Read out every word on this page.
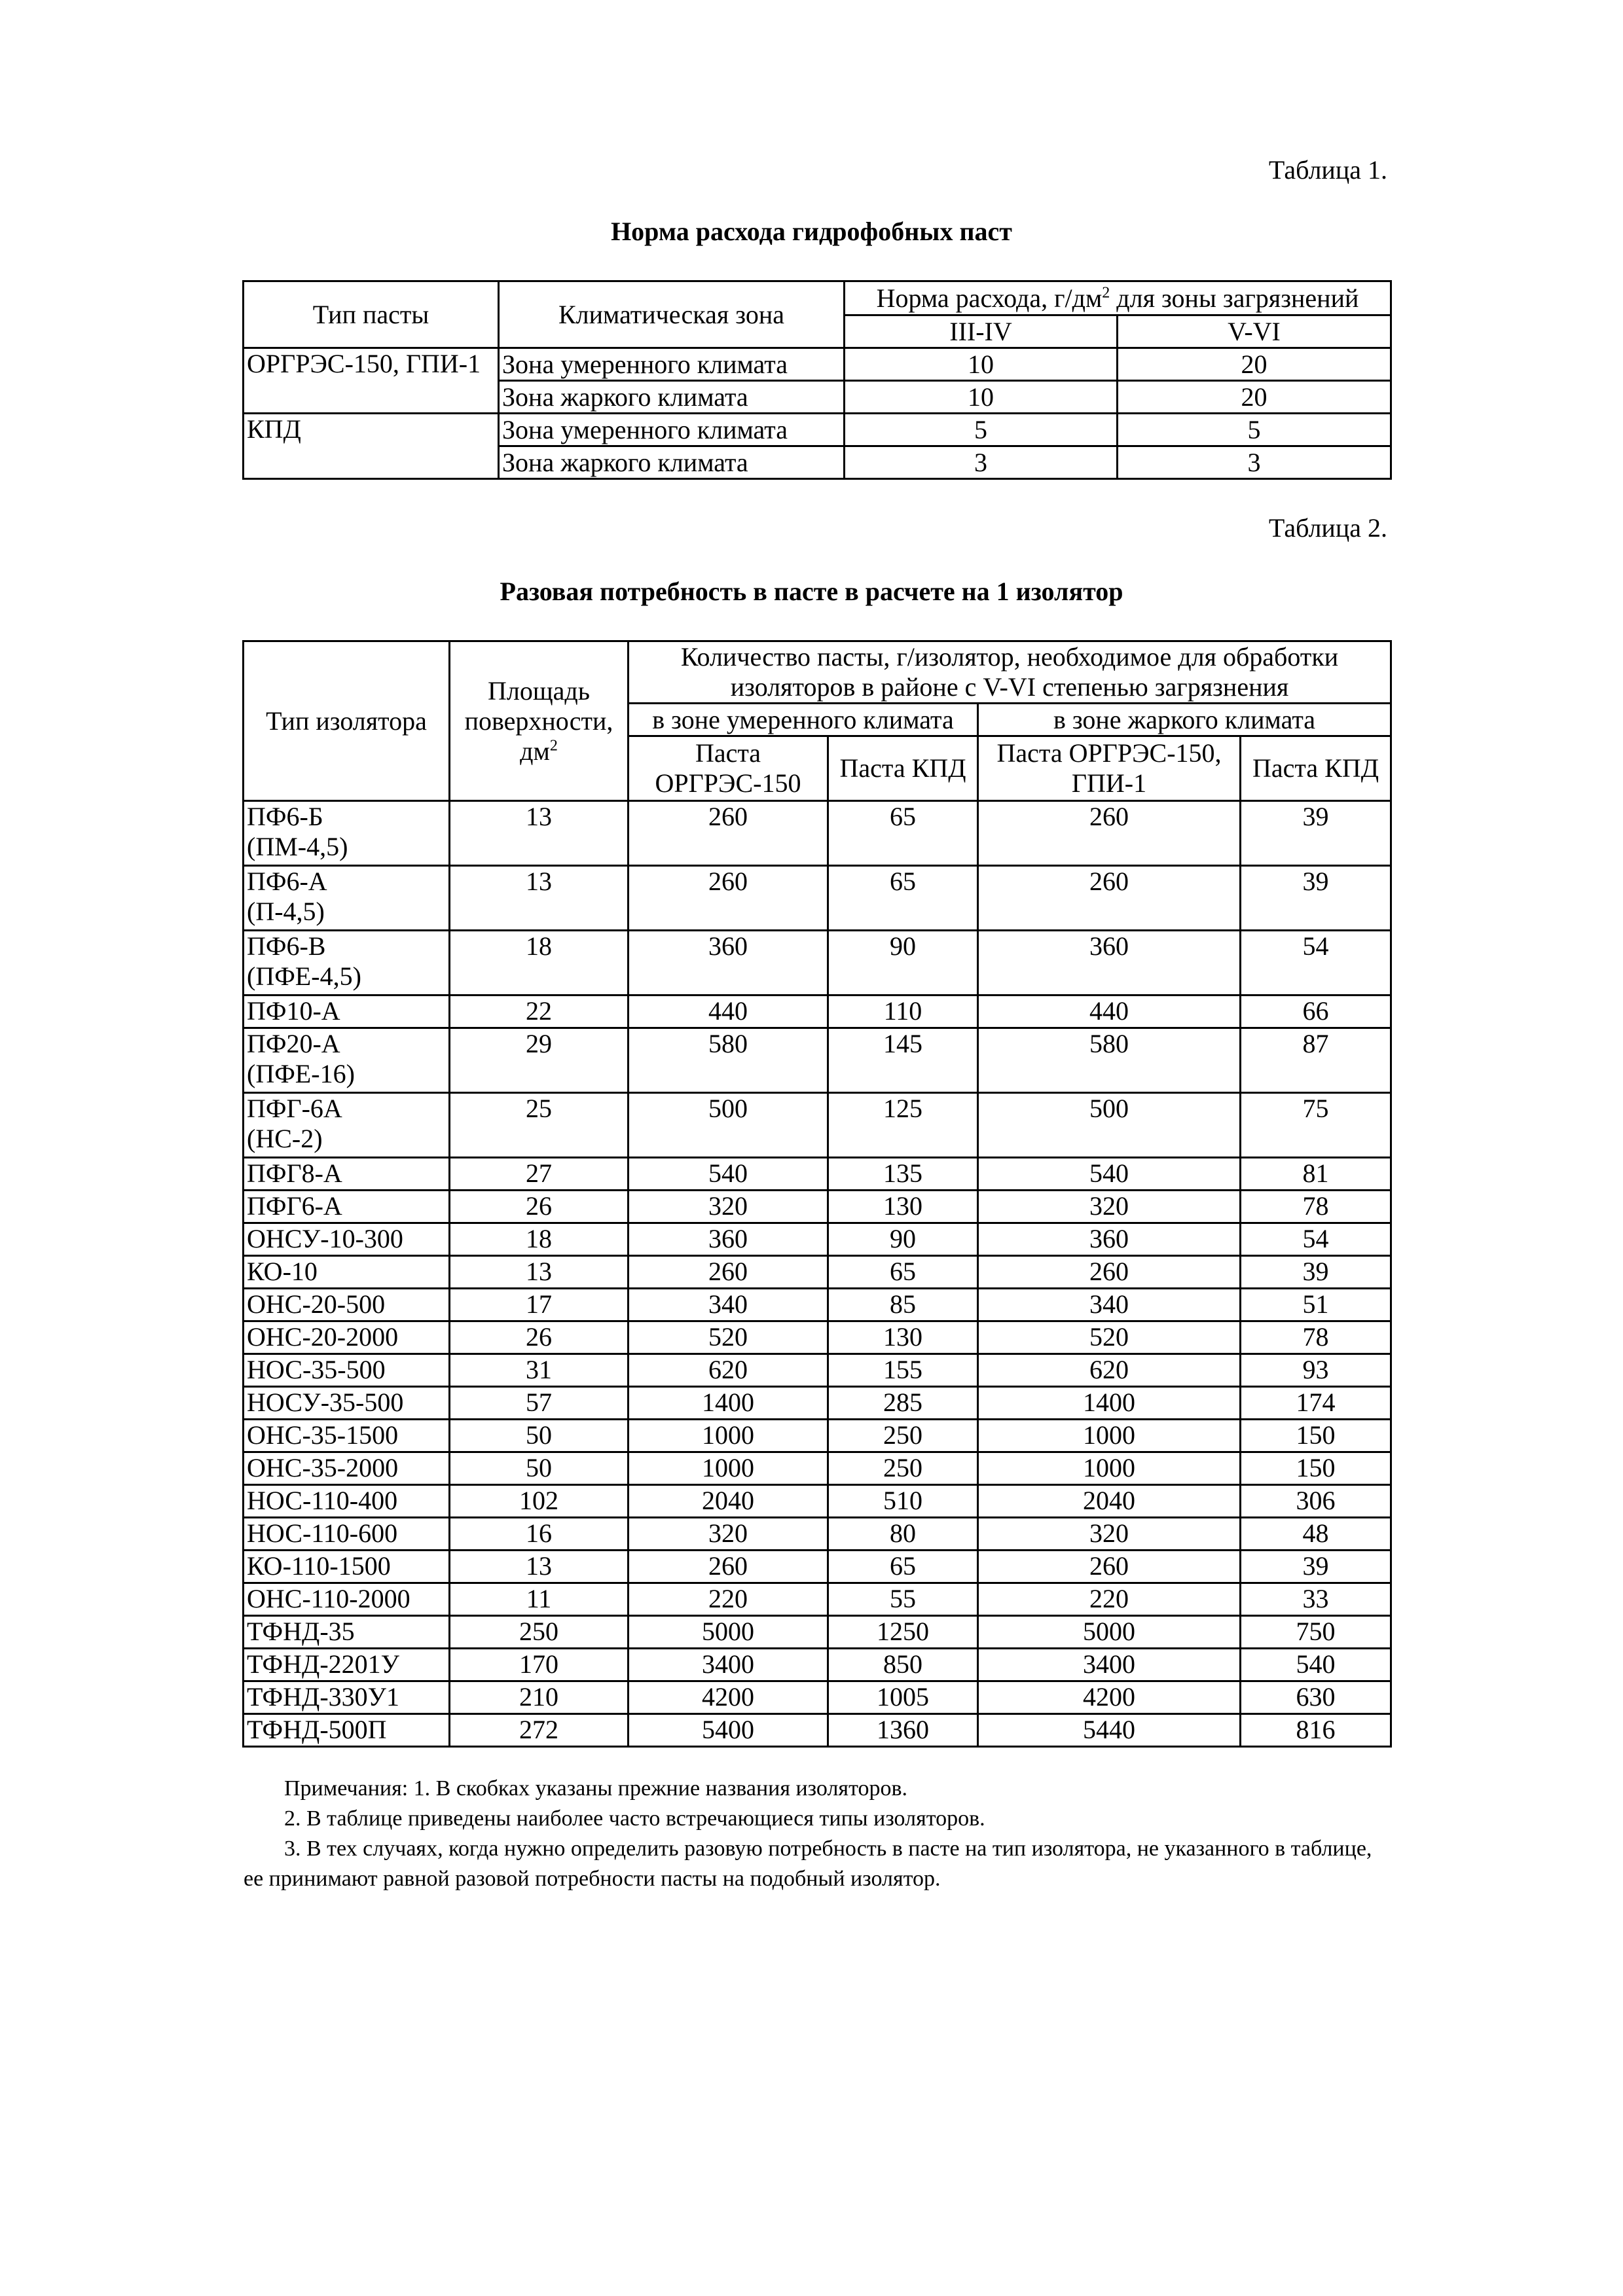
Таблица 1.
Норма расхода гидрофобных паст
Тип пасты	Климатическая зона	Норма расхода, $г/дм^2$ для зоны загрязнений	
		III-IV	V-VI
ОРГРЭС-150, ГПИ-1	Зона умеренного климата	10	20
	Зона жаркого климата	10	20
КПД	Зона умеренного климата	5	5
	Зона жаркого климата	3	3
Таблица 2.
Разовая потребность в пасте в расчете на 1 изолятор
Тип изолятора	Площадь поверхности, $дм^2$	Количество пасты, г/изолятор, необходимое для обработки изоляторов в районе с V-VI степенью загрязнения			
		в зоне умеренного климата		в зоне жаркого климата	
		Паста ОРГРЭС-150	Паста КПД	Паста ОРГРЭС-150, ГПИ-1	Паста КПД
ПФ6-Б
(ПМ-4,5)	13	260	65	260	39
ПФ6-А
(П-4,5)	13	260	65	260	39
ПФ6-В
(ПФЕ-4,5)	18	360	90	360	54
ПФ10-А	22	440	110	440	66
ПФ20-А
(ПФЕ-16)	29	580	145	580	87
ПФГ-6А
(НС-2)	25	500	125	500	75
ПФГ8-А	27	540	135	540	81
ПФГ6-А	26	320	130	320	78
ОНСУ-10-300	18	360	90	360	54
КО-10	13	260	65	260	39
ОНС-20-500	17	340	85	340	51
ОНС-20-2000	26	520	130	520	78
НОС-35-500	31	620	155	620	93
НОСУ-35-500	57	1400	285	1400	174
ОНС-35-1500	50	1000	250	1000	150
ОНС-35-2000	50	1000	250	1000	150
НОС-110-400	102	2040	510	2040	306
НОС-110-600	16	320	80	320	48
КО-110-1500	13	260	65	260	39
ОНС-110-2000	11	220	55	220	33
ТФНД-35	250	5000	1250	5000	750
ТФНД-2201У	170	3400	850	3400	540
ТФНД-330У1	210	4200	1005	4200	630
ТФНД-500П	272	5400	1360	5440	816

Примечания: 1. В скобках указаны прежние названия изоляторов.

2. В таблице приведены наиболее часто встречающиеся типы изоляторов.

3. В тех случаях, когда нужно определить разовую потребность в пасте на тип изолятора, не указанного в таблице, ее принимают равной разовой потребности пасты на подобный изолятор.
